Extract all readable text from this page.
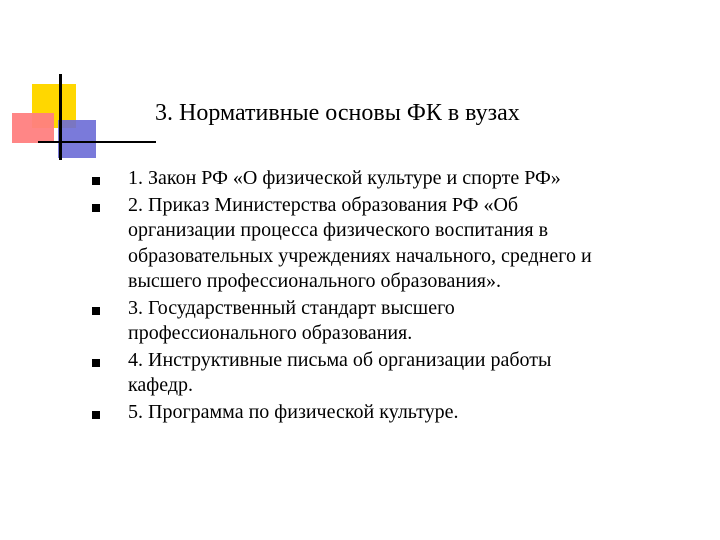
3. Нормативные основы ФК в вузах
1. Закон РФ «О физической культуре и спорте РФ»
2. Приказ Министерства образования РФ «Об
организации процесса физического воспитания в
образовательных учреждениях начального, среднего и
высшего профессионального образования».
3. Государственный стандарт высшего
профессионального образования.
4. Инструктивные письма об организации работы
кафедр.
5. Программа по физической культуре.
